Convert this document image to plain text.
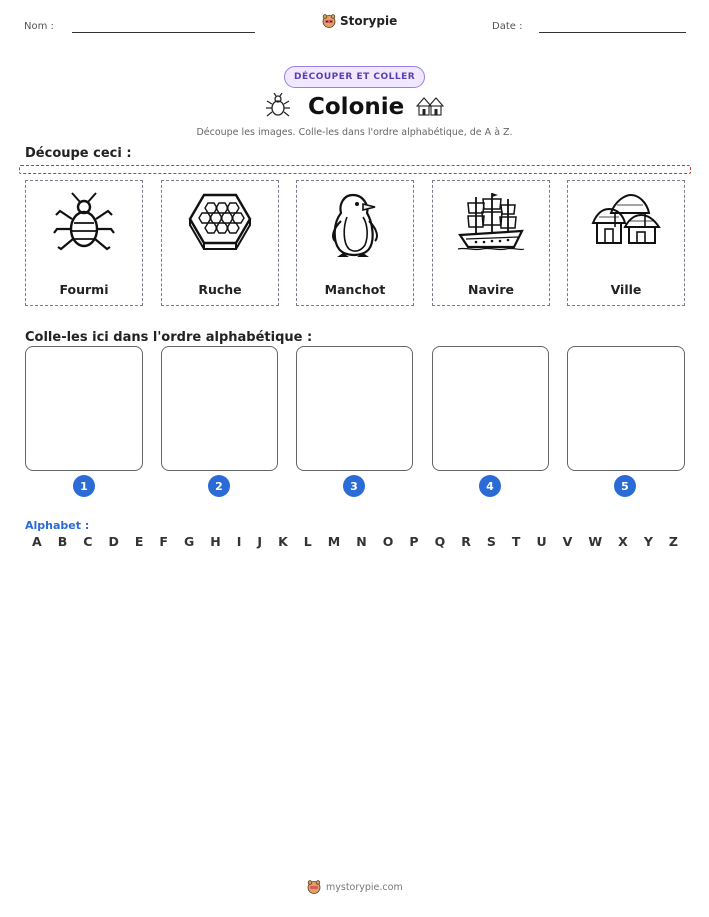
Nom :	Storypie	Date :
DÉCOUPER ET COLLER
Colonie
Découpe les images. Colle-les dans l'ordre alphabétique, de A à Z.
Découpe ceci :
Fourmi	Ruche	Manchot	Navire	Ville
Colle-les ici dans l'ordre alphabétique :
1	2	3	4	5
Alphabet :
A B C D E F G H I J K L M N O P Q R S T U V W X Y Z
mystorypie.com
